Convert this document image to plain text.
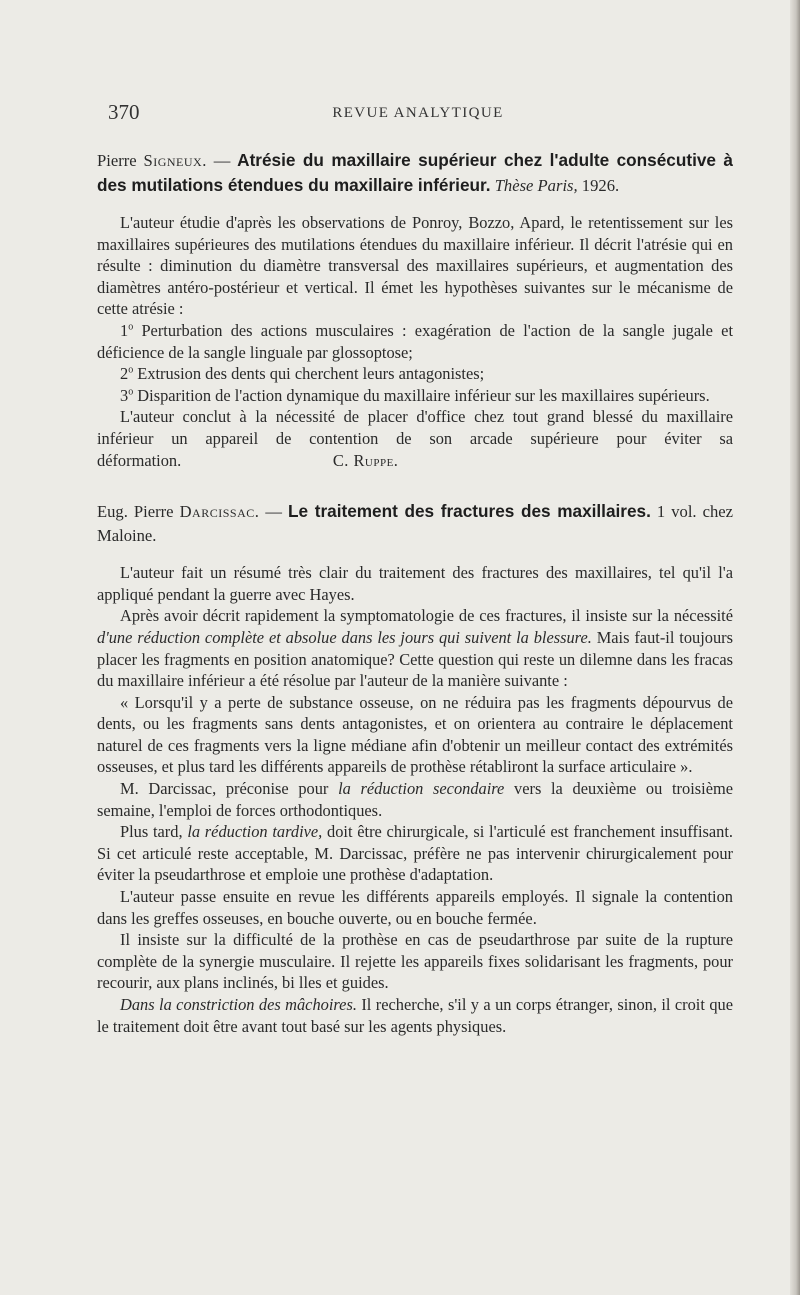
370	REVUE ANALYTIQUE

Pierre Signeux. — Atrésie du maxillaire supérieur chez l'adulte consécutive à des mutilations étendues du maxillaire inférieur. Thèse Paris, 1926.

L'auteur étudie d'après les observations de Ponroy, Bozzo, Apard, le retentissement sur les maxillaires supérieures des mutilations étendues du maxillaire inférieur. Il décrit l'atrésie qui en résulte : diminution du diamètre transversal des maxillaires supérieurs, et augmentation des diamètres antéro-postérieur et vertical. Il émet les hypothèses suivantes sur le mécanisme de cette atrésie :

1$^o$ Perturbation des actions musculaires : exagération de l'action de la sangle jugale et déficience de la sangle linguale par glossoptose;

2$^o$ Extrusion des dents qui cherchent leurs antagonistes;

3$^o$ Disparition de l'action dynamique du maxillaire inférieur sur les maxillaires supérieurs.

L'auteur conclut à la nécessité de placer d'office chez tout grand blessé du maxillaire inférieur un appareil de contention de son arcade supérieure pour éviter sa déformation.	C. Ruppe.

Eug. Pierre Darcissac. — Le traitement des fractures des maxillaires. 1 vol. chez Maloine.

L'auteur fait un résumé très clair du traitement des fractures des maxillaires, tel qu'il l'a appliqué pendant la guerre avec Hayes.

Après avoir décrit rapidement la symptomatologie de ces fractures, il insiste sur la nécessité d'une réduction complète et absolue dans les jours qui suivent la blessure. Mais faut-il toujours placer les fragments en position anatomique? Cette question qui reste un dilemne dans les fracas du maxillaire inférieur a été résolue par l'auteur de la manière suivante :

« Lorsqu'il y a perte de substance osseuse, on ne réduira pas les fragments dépourvus de dents, ou les fragments sans dents antagonistes, et on orientera au contraire le déplacement naturel de ces fragments vers la ligne médiane afin d'obtenir un meilleur contact des extrémités osseuses, et plus tard les différents appareils de prothèse rétabliront la surface articulaire ».

M. Darcissac, préconise pour la réduction secondaire vers la deuxième ou troisième semaine, l'emploi de forces orthodontiques.

Plus tard, la réduction tardive, doit être chirurgicale, si l'articulé est franchement insuffisant. Si cet articulé reste acceptable, M. Darcissac, préfère ne pas intervenir chirurgicalement pour éviter la pseudarthrose et emploie une prothèse d'adaptation.

L'auteur passe ensuite en revue les différents appareils employés. Il signale la contention dans les greffes osseuses, en bouche ouverte, ou en bouche fermée.

Il insiste sur la difficulté de la prothèse en cas de pseudarthrose par suite de la rupture complète de la synergie musculaire. Il rejette les appareils fixes solidarisant les fragments, pour recourir, aux plans inclinés, bi lles et guides.

Dans la constriction des mâchoires. Il recherche, s'il y a un corps étranger, sinon, il croit que le traitement doit être avant tout basé sur les agents physiques.
